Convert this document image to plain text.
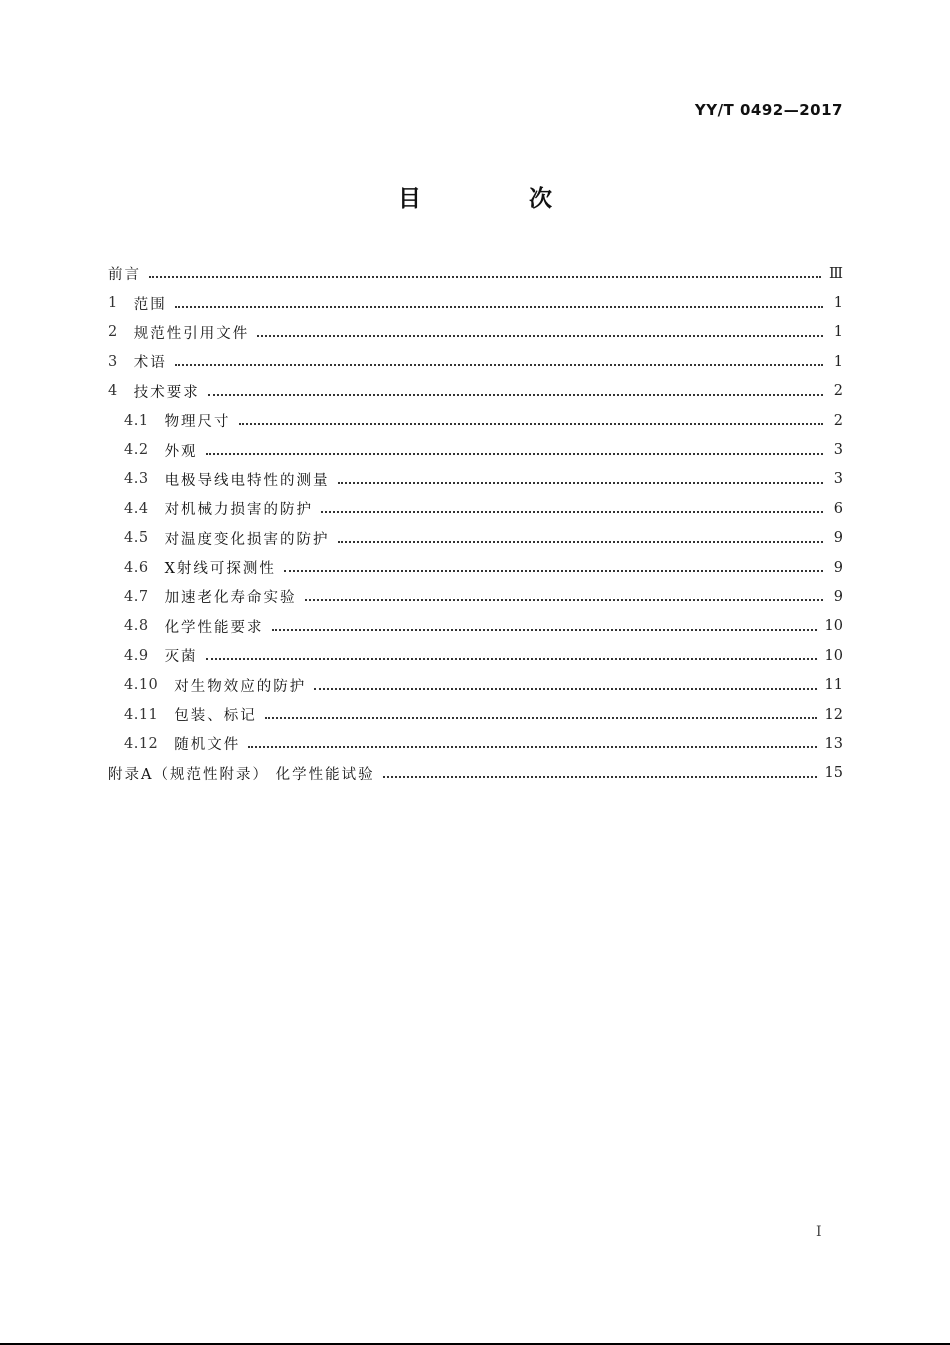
YY/T 0492—2017
目 次
前言	Ⅲ
1 范围	1
2 规范性引用文件	1
3 术语	1
4 技术要求	2
4.1 物理尺寸	2
4.2 外观	3
4.3 电极导线电特性的测量	3
4.4 对机械力损害的防护	6
4.5 对温度变化损害的防护	9
4.6 X射线可探测性	9
4.7 加速老化寿命实验	9
4.8 化学性能要求	10
4.9 灭菌	10
4.10 对生物效应的防护	11
4.11 包装、标记	12
4.12 随机文件	13
附录A（规范性附录） 化学性能试验	15
I
